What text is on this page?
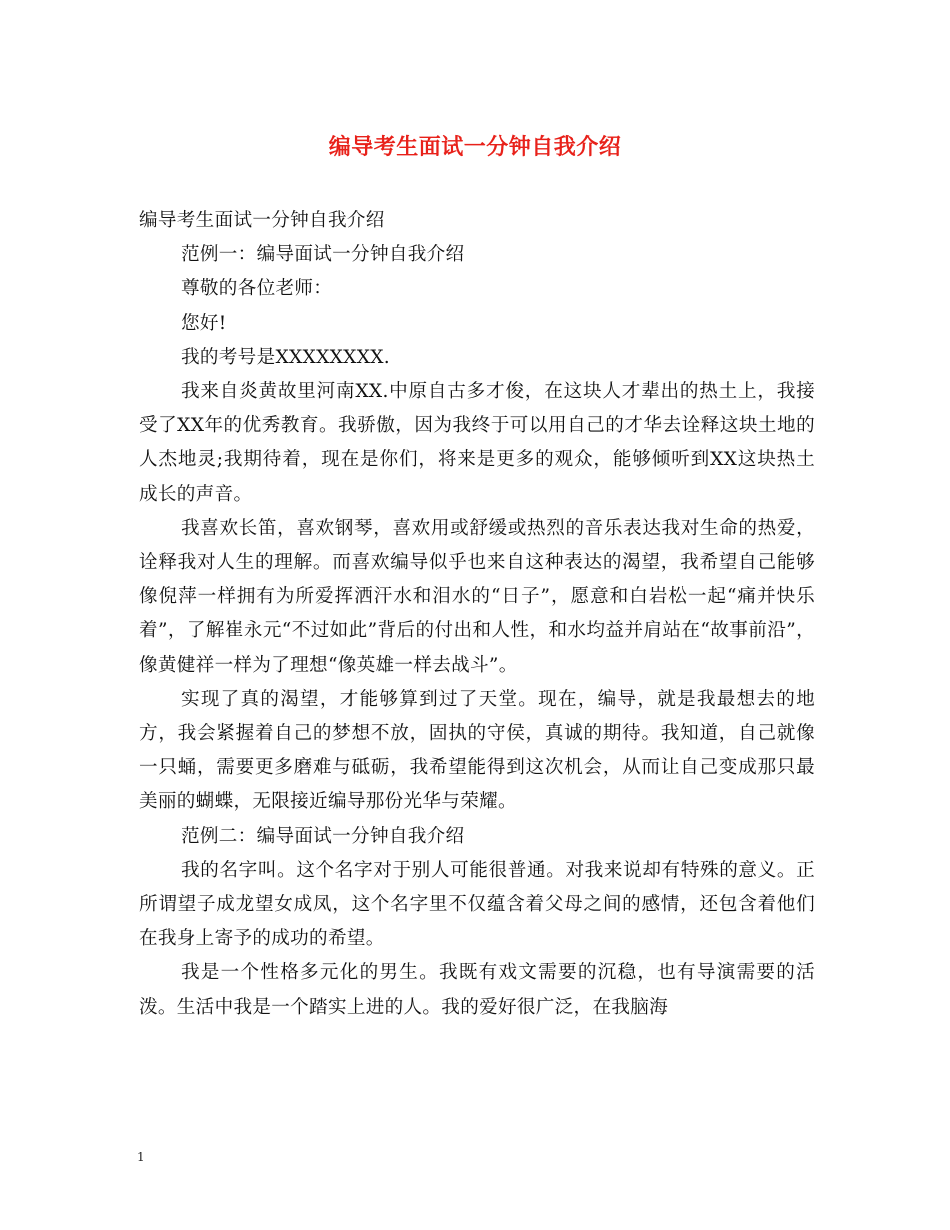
编导考生面试一分钟自我介绍

编导考生面试一分钟自我介绍

范例一：编导面试一分钟自我介绍

尊敬的各位老师：

您好!

我的考号是XXXXXXXX.

我来自炎黄故里河南XX.中原自古多才俊，在这块人才辈出的热土上，我接受了XX年的优秀教育。我骄傲，因为我终于可以用自己的才华去诠释这块土地的人杰地灵;我期待着，现在是你们，将来是更多的观众，能够倾听到XX这块热土成长的声音。

我喜欢长笛，喜欢钢琴，喜欢用或舒缓或热烈的音乐表达我对生命的热爱，诠释我对人生的理解。而喜欢编导似乎也来自这种表达的渴望，我希望自己能够像倪萍一样拥有为所爱挥洒汗水和泪水的“日子”，愿意和白岩松一起“痛并快乐着”，了解崔永元“不过如此”背后的付出和人性，和水均益并肩站在“故事前沿”，像黄健祥一样为了理想“像英雄一样去战斗”。

实现了真的渴望，才能够算到过了天堂。现在，编导，就是我最想去的地方，我会紧握着自己的梦想不放，固执的守侯，真诚的期待。我知道，自己就像一只蛹，需要更多磨难与砥砺，我希望能得到这次机会，从而让自己变成那只最美丽的蝴蝶，无限接近编导那份光华与荣耀。

范例二：编导面试一分钟自我介绍

我的名字叫。这个名字对于别人可能很普通。对我来说却有特殊的意义。正所谓望子成龙望女成凤，这个名字里不仅蕴含着父母之间的感情，还包含着他们在我身上寄予的成功的希望。

我是一个性格多元化的男生。我既有戏文需要的沉稳，也有导演需要的活泼。生活中我是一个踏实上进的人。我的爱好很广泛，在我脑海

1
